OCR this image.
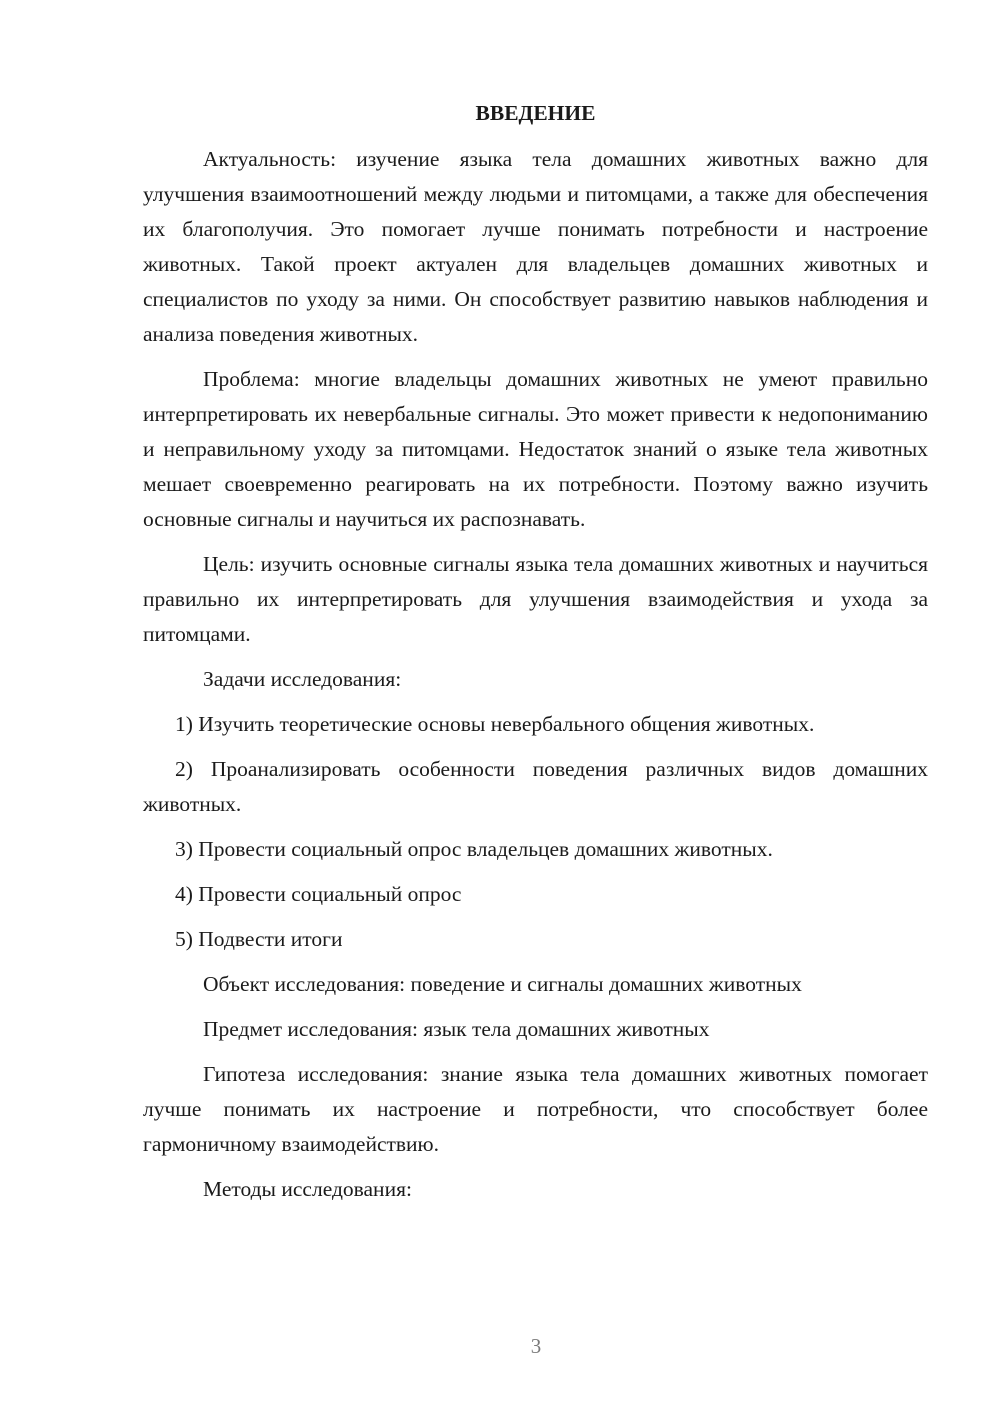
ВВЕДЕНИЕ

Актуальность: изучение языка тела домашних животных важно для улучшения взаимоотношений между людьми и питомцами, а также для обеспечения их благополучия. Это помогает лучше понимать потребности и настроение животных. Такой проект актуален для владельцев домашних животных и специалистов по уходу за ними. Он способствует развитию навыков наблюдения и анализа поведения животных.

Проблема: многие владельцы домашних животных не умеют правильно интерпретировать их невербальные сигналы. Это может привести к недопониманию и неправильному уходу за питомцами. Недостаток знаний о языке тела животных мешает своевременно реагировать на их потребности. Поэтому важно изучить основные сигналы и научиться их распознавать.

Цель: изучить основные сигналы языка тела домашних животных и научиться правильно их интерпретировать для улучшения взаимодействия и ухода за питомцами.

Задачи исследования:

1) Изучить теоретические основы невербального общения животных.

2) Проанализировать особенности поведения различных видов домашних животных.

3) Провести социальный опрос владельцев домашних животных.

4) Провести социальный опрос

5) Подвести итоги

Объект исследования: поведение и сигналы домашних животных

Предмет исследования: язык тела домашних животных

Гипотеза исследования: знание языка тела домашних животных помогает лучше понимать их настроение и потребности, что способствует более гармоничному взаимодействию.

Методы исследования:

3
